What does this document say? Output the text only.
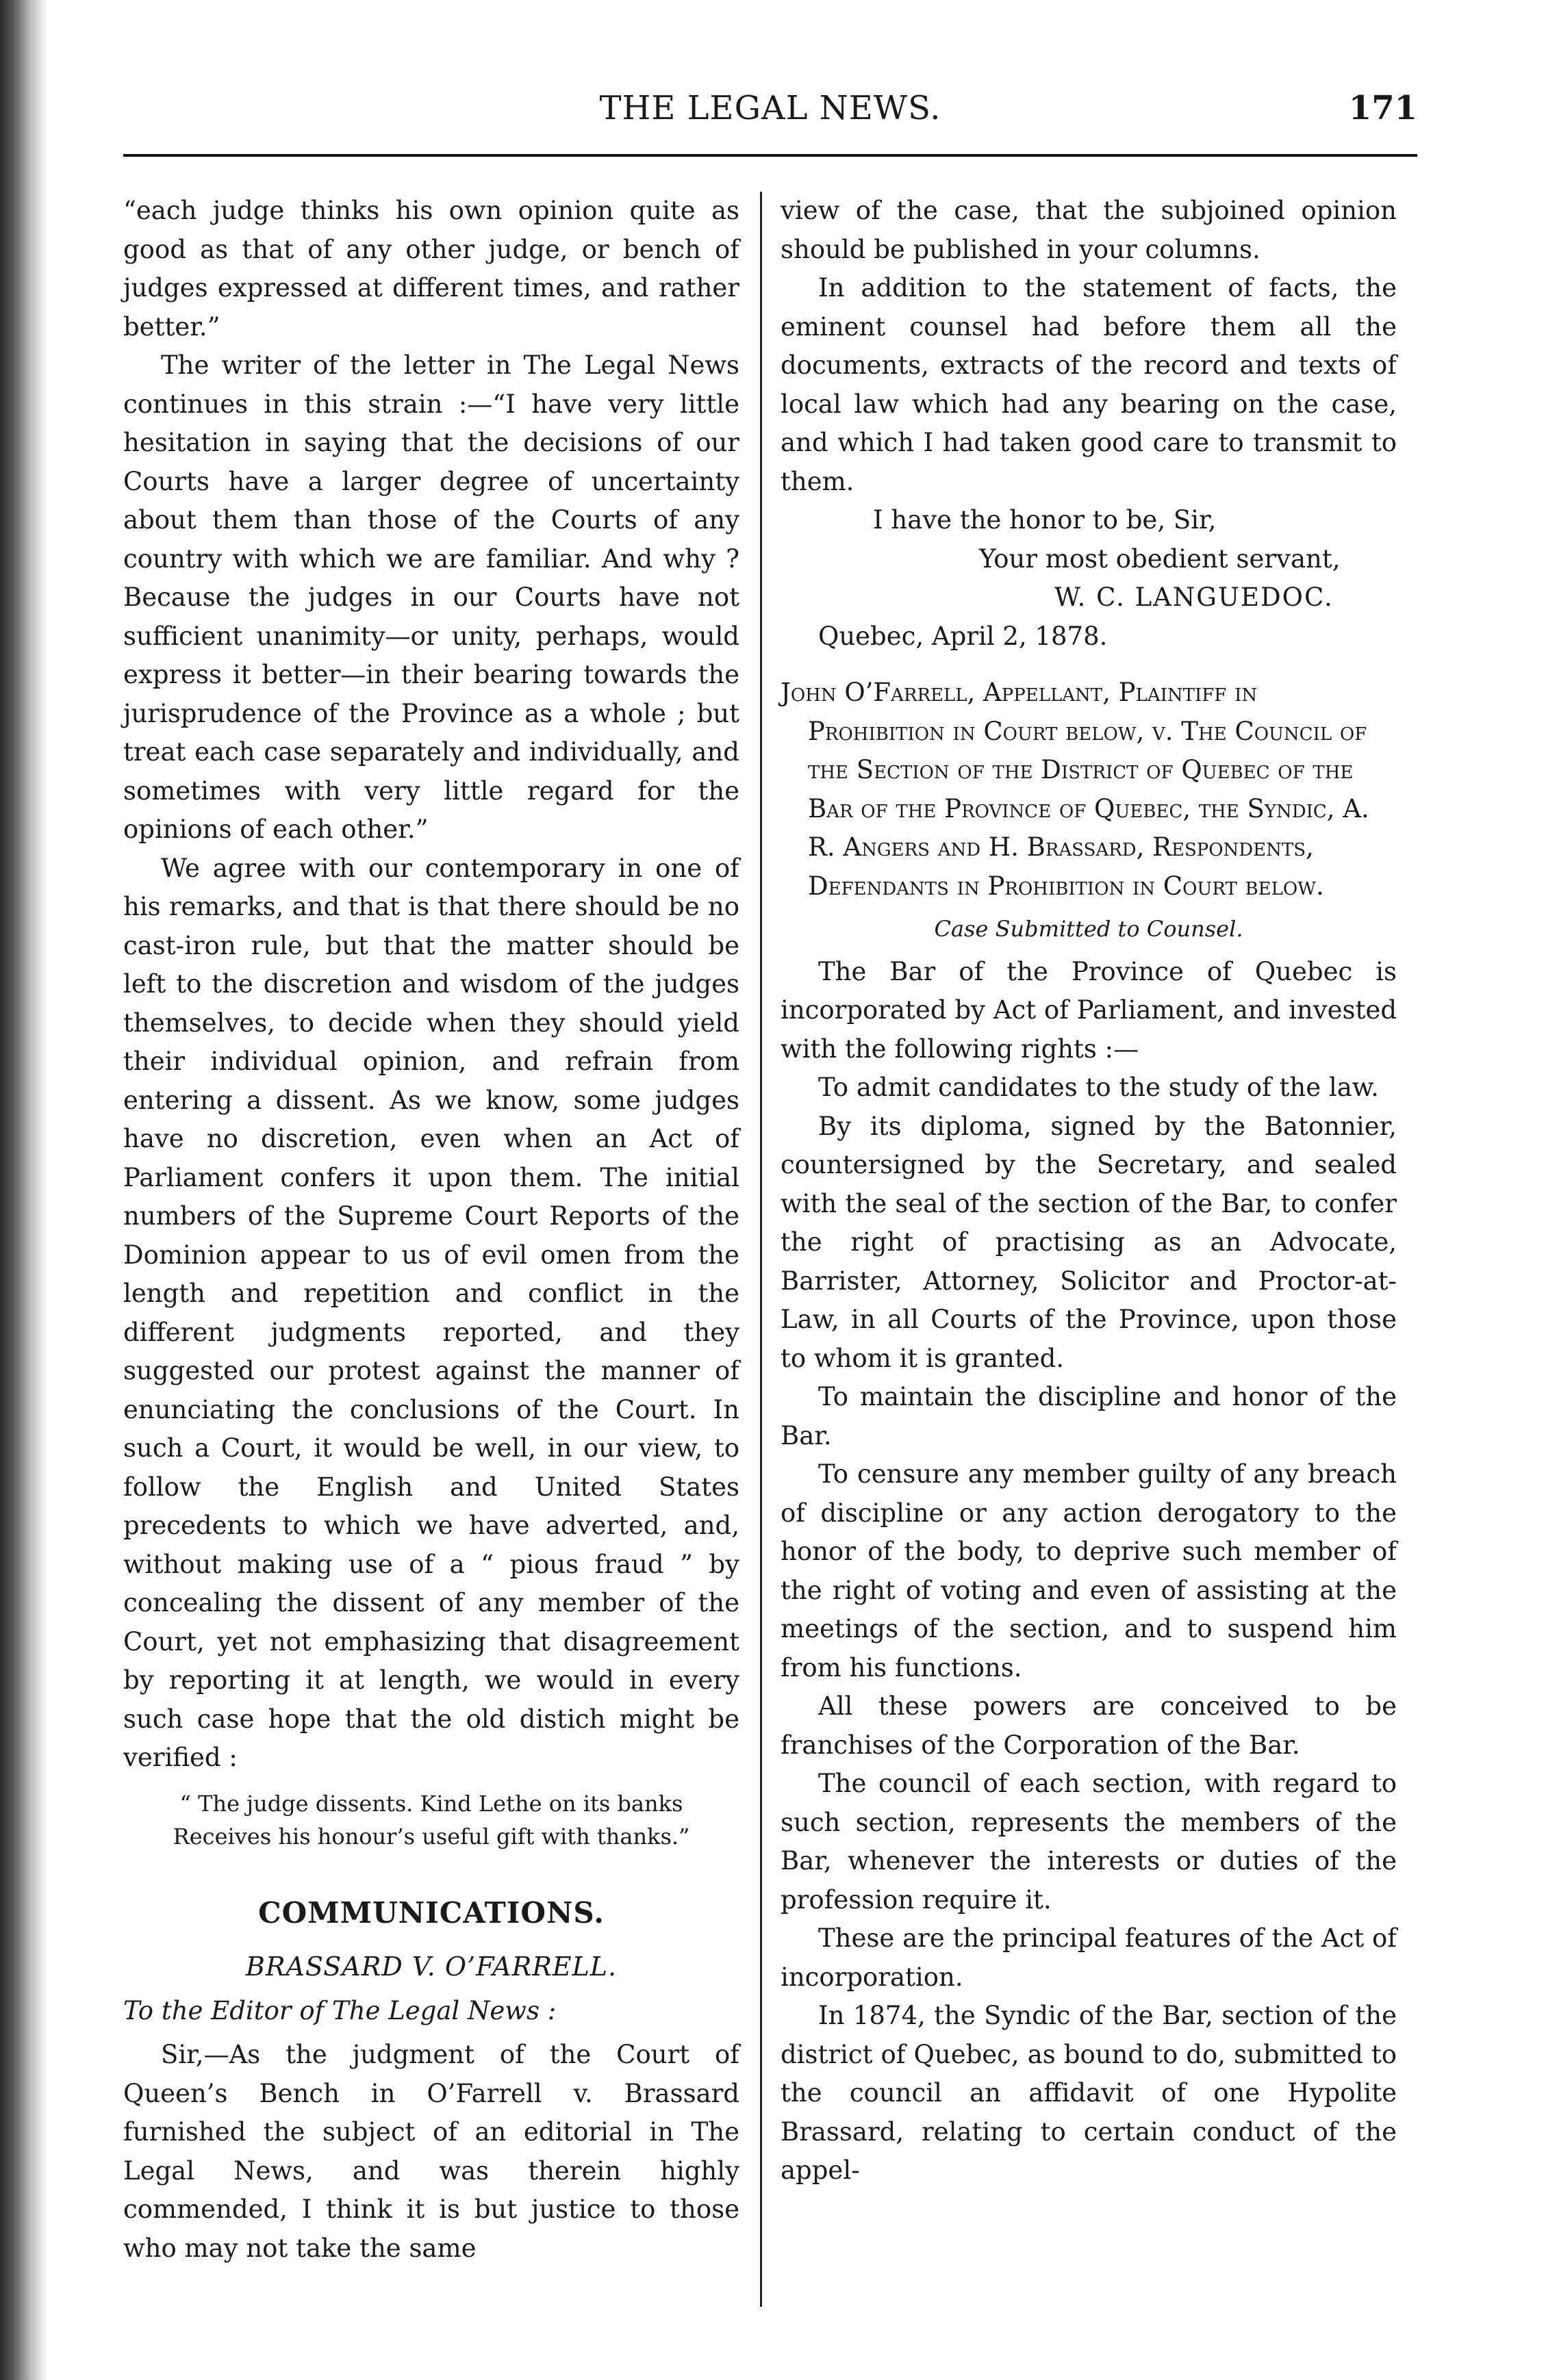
THE LEGAL NEWS.	171

“each judge thinks his own opinion quite as good as that of any other judge, or bench of judges expressed at different times, and rather better.”

The writer of the letter in The Legal News continues in this strain :—“I have very little hesitation in saying that the decisions of our Courts have a larger degree of uncertainty about them than those of the Courts of any country with which we are familiar. And why ? Because the judges in our Courts have not sufficient unanimity—or unity, perhaps, would express it better—in their bearing towards the jurisprudence of the Province as a whole ; but treat each case separately and individually, and sometimes with very little regard for the opinions of each other.”

We agree with our contemporary in one of his remarks, and that is that there should be no cast-iron rule, but that the matter should be left to the discretion and wisdom of the judges themselves, to decide when they should yield their individual opinion, and refrain from entering a dissent. As we know, some judges have no discretion, even when an Act of Parliament confers it upon them. The initial numbers of the Supreme Court Reports of the Dominion appear to us of evil omen from the length and repetition and conflict in the different judgments reported, and they suggested our protest against the manner of enunciating the conclusions of the Court. In such a Court, it would be well, in our view, to follow the English and United States precedents to which we have adverted, and, without making use of a “ pious fraud ” by concealing the dissent of any member of the Court, yet not emphasizing that disagreement by reporting it at length, we would in every such case hope that the old distich might be verified :

“ The judge dissents. Kind Lethe on its banks
Receives his honour’s useful gift with thanks.”
COMMUNICATIONS.
BRASSARD V. O’FARRELL.

To the Editor of The Legal News :

Sir,—As the judgment of the Court of Queen’s Bench in O’Farrell v. Brassard furnished the subject of an editorial in The Legal News, and was therein highly commended, I think it is but justice to those who may not take the same

view of the case, that the subjoined opinion should be published in your columns.

In addition to the statement of facts, the eminent counsel had before them all the documents, extracts of the record and texts of local law which had any bearing on the case, and which I had taken good care to transmit to them.

I have the honor to be, Sir,
Your most obedient servant,
W. C. LANGUEDOC.
Quebec, April 2, 1878.

John O’Farrell, Appellant, Plaintiff in Prohibition in Court below, v. The Council of the Section of the District of Quebec of the Bar of the Province of Quebec, the Syndic, A. R. Angers and H. Brassard, Respondents, Defendants in Prohibition in Court below.

Case Submitted to Counsel.

The Bar of the Province of Quebec is incorporated by Act of Parliament, and invested with the following rights :—

To admit candidates to the study of the law.

By its diploma, signed by the Batonnier, countersigned by the Secretary, and sealed with the seal of the section of the Bar, to confer the right of practising as an Advocate, Barrister, Attorney, Solicitor and Proctor-at-Law, in all Courts of the Province, upon those to whom it is granted.

To maintain the discipline and honor of the Bar.

To censure any member guilty of any breach of discipline or any action derogatory to the honor of the body, to deprive such member of the right of voting and even of assisting at the meetings of the section, and to suspend him from his functions.

All these powers are conceived to be franchises of the Corporation of the Bar.

The council of each section, with regard to such section, represents the members of the Bar, whenever the interests or duties of the profession require it.

These are the principal features of the Act of incorporation.

In 1874, the Syndic of the Bar, section of the district of Quebec, as bound to do, submitted to the council an affidavit of one Hypolite Brassard, relating to certain conduct of the appel-
